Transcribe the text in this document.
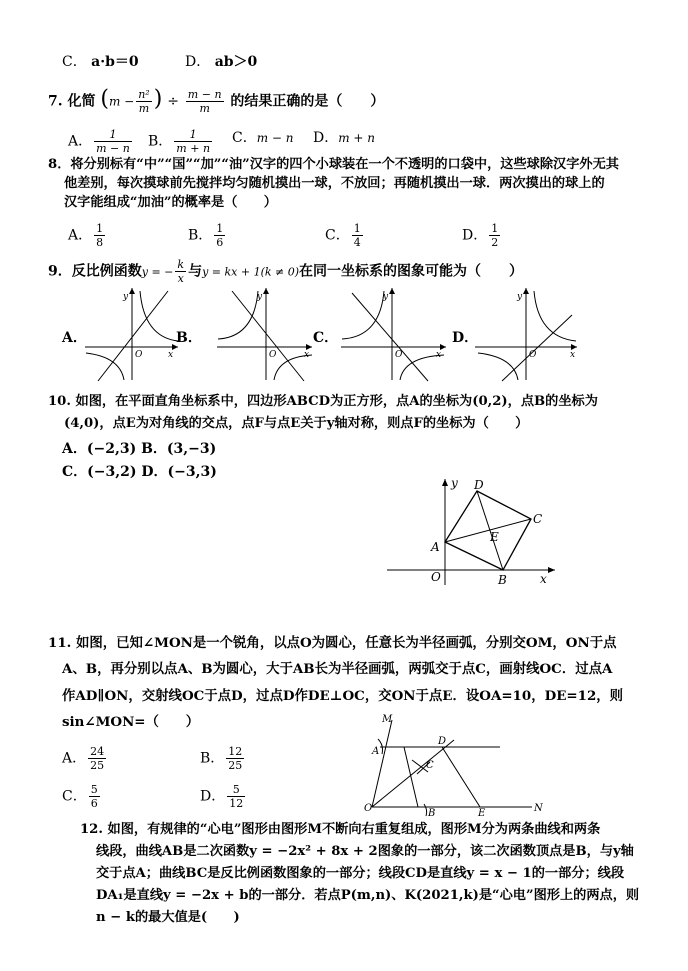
C． a·b＝0	D． ab＞0
7. 化简 ($m - \frac{\text{n²}}{m}$ ) ÷ $\frac{m - n}{m}$ 的结果正确的是（　　）
A． $\frac{1}{m - n}$ B． $\frac{1}{m + n}$ C．m − n D．m + n
8．将分别标有“中”“国”“加”“油”汉字的四个小球装在一个不透明的口袋中，这些球除汉字外无其
他差别，每次摸球前先搅拌均匀随机摸出一球，不放回；再随机摸出一球．两次摸出的球上的
汉字能组成“加油”的概率是（　　）
A． $\frac{1}{8}$	B． $\frac{1}{6}$	C． $\frac{1}{4}$	D． $\frac{1}{2}$
9．反比例函数y = − $\frac{k}{x}$ 与y = kx + 1(k ≠ 0)在同一坐标系的图象可能为（　　）
A．	B．	C．	D．
y
x
O
y
x
O
y
x
O
y
x
O
10. 如图，在平面直角坐标系中，四边形ABCD为正方形，点A的坐标为(0,2)，点B的坐标为
(4,0)，点E为对角线的交点，点F与点E关于y轴对称，则点F的坐标为（　　）
A．(−2,3) B．(3,−3)
C．(−3,2) D．(−3,3)
y
x
O
A
B
C
D
E
11. 如图，已知∠MON是一个锐角，以点O为圆心，任意长为半径画弧，分别交OM，ON于点
A、B，再分别以点A、B为圆心，大于AB长为半径画弧，两弧交于点C，画射线OC．过点A
作AD∥ON，交射线OC于点D，过点D作DE⊥OC，交ON于点E．设OA=10，DE=12，则
sin∠MON=（　　）
A． $\frac{24}{25}$	B． $\frac{12}{25}$
C． $\frac{5}{6}$	D． $\frac{5}{12}$
M
A
D
C
O	B	E	N
12. 如图，有规律的“心电”图形由图形M不断向右重复组成，图形M分为两条曲线和两条
线段，曲线AB是二次函数y = −2x² + 8x + 2图象的一部分，该二次函数顶点是B，与y轴
交于点A；曲线BC是反比例函数图象的一部分；线段CD是直线y = x − 1的一部分；线段
DA₁是直线y = −2x + b的一部分．若点P(m,n)、K(2021,k)是“心电”图形上的两点，则
n − k的最大值是(　　)
